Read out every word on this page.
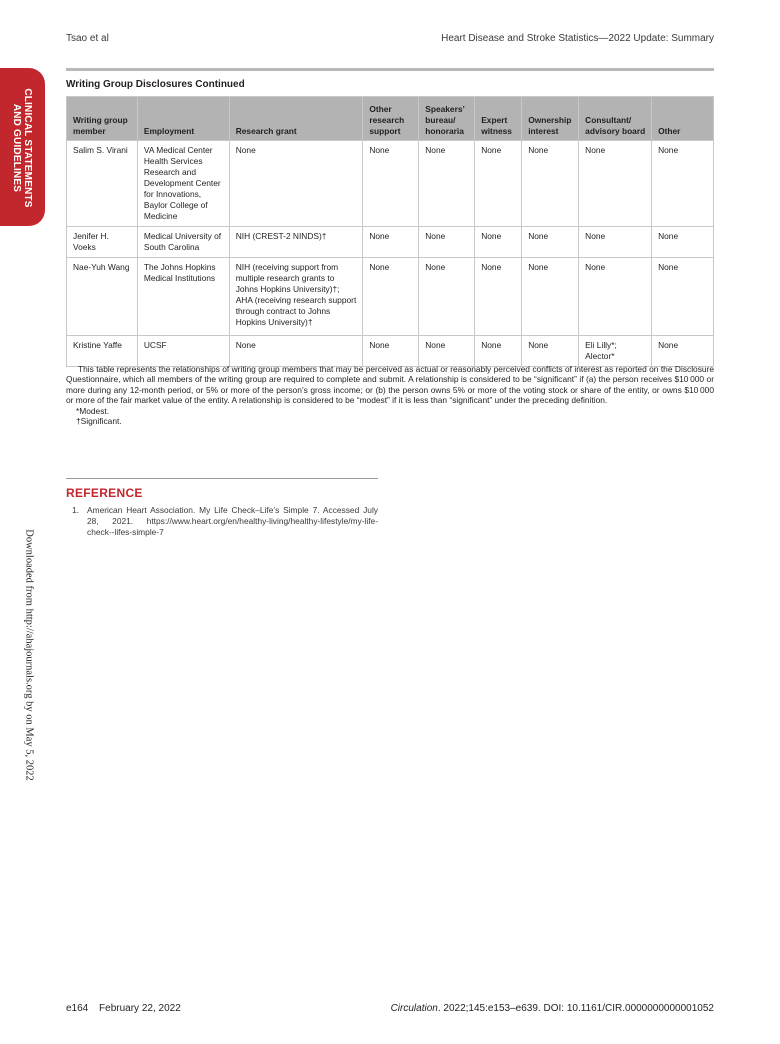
Tsao et al	Heart Disease and Stroke Statistics—2022 Update: Summary
CLINICAL STATEMENTS
AND GUIDELINES
Downloaded from http://ahajournals.org by on May 5, 2022
Writing Group Disclosures Continued
Writing group member	Employment	Research grant	Other research support	Speakers’ bureau/ honoraria	Expert witness	Ownership interest	Consultant/ advisory board	Other
Salim S. Virani	VA Medical Center Health Services Research and Development Center for Innovations, Baylor College of Medicine	None	None	None	None	None	None	None
Jenifer H. Voeks	Medical University of South Carolina	NIH (CREST-2 NINDS)†	None	None	None	None	None	None
Nae-Yuh Wang	The Johns Hopkins Medical Institutions	NIH (receiving support from multiple research grants to Johns Hopkins University)†; AHA (receiving research support through contract to Johns Hopkins University)†	None	None	None	None	None	None
Kristine Yaffe	UCSF	None	None	None	None	None	Eli Lilly*; Alector*	None

This table represents the relationships of writing group members that may be perceived as actual or reasonably perceived conflicts of interest as reported on the Disclosure Questionnaire, which all members of the writing group are required to complete and submit. A relationship is considered to be “significant” if (a) the person receives $10 000 or more during any 12-month period, or 5% or more of the person’s gross income; or (b) the person owns 5% or more of the voting stock or share of the entity, or owns $10 000 or more of the fair market value of the entity. A relationship is considered to be “modest” if it is less than “significant” under the preceding definition.

*Modest.

†Significant.

REFERENCE
1. American Heart Association. My Life Check–Life’s Simple 7. Accessed July 28, 2021. https://www.heart.org/en/healthy-living/healthy-lifestyle/my-life-check--lifes-simple-7
e164 February 22, 2022	Circulation. 2022;145:e153–e639. DOI: 10.1161/CIR.0000000000001052
